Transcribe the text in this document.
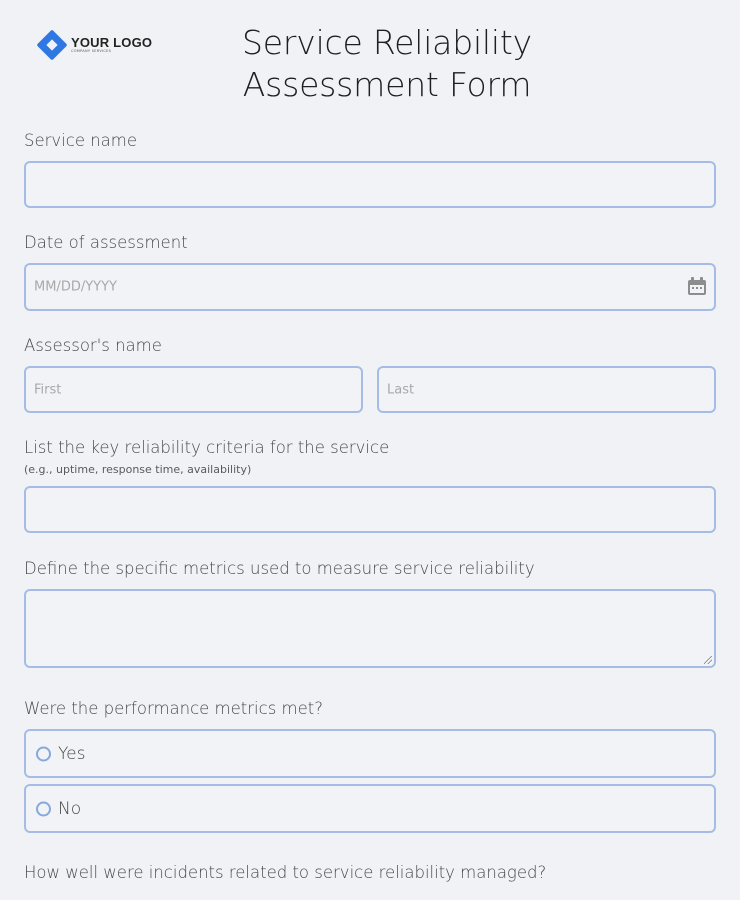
YOUR LOGO
COMPANY SERVICES	Service Reliability
Assessment Form
Service name
Date of assessment
MM/DD/YYYY
Assessor's name
First	Last
List the key reliability criteria for the service
(e.g., uptime, response time, availability)
Define the specific metrics used to measure service reliability
Were the performance metrics met?
Yes
No
How well were incidents related to service reliability managed?
